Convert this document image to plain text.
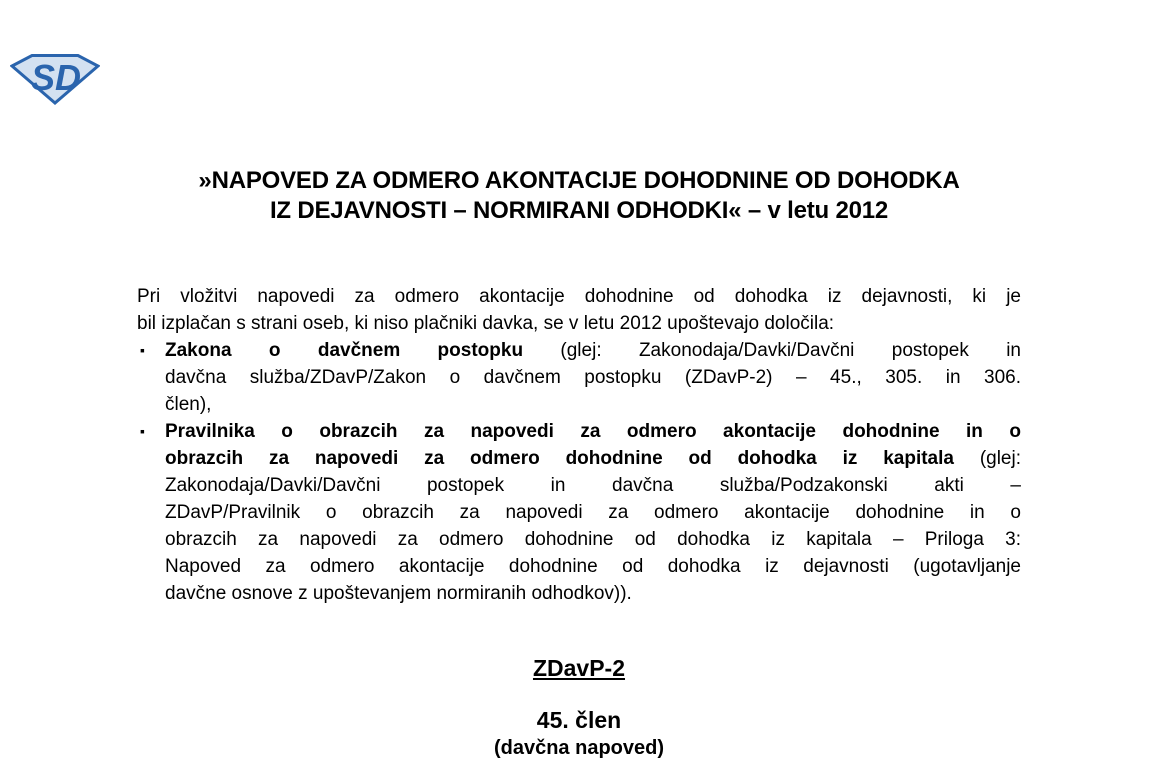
SD
»NAPOVED ZA ODMERO AKONTACIJE DOHODNINE OD DOHODKA
IZ DEJAVNOSTI – NORMIRANI ODHODKI« – v letu 2012
Pri vložitvi napovedi za odmero akontacije dohodnine od dohodka iz dejavnosti, ki je
bil izplačan s strani oseb, ki niso plačniki davka, se v letu 2012 upoštevajo določila:
▪ Zakona o davčnem postopku (glej: Zakonodaja/Davki/Davčni postopek in
davčna služba/ZDavP/Zakon o davčnem postopku (ZDavP-2) – 45., 305. in 306.
člen),
▪ Pravilnika o obrazcih za napovedi za odmero akontacije dohodnine in o
obrazcih za napovedi za odmero dohodnine od dohodka iz kapitala (glej:
Zakonodaja/Davki/Davčni postopek in davčna služba/Podzakonski akti –
ZDavP/Pravilnik o obrazcih za napovedi za odmero akontacije dohodnine in o
obrazcih za napovedi za odmero dohodnine od dohodka iz kapitala – Priloga 3:
Napoved za odmero akontacije dohodnine od dohodka iz dejavnosti (ugotavljanje
davčne osnove z upoštevanjem normiranih odhodkov)).
ZDavP-2
45. člen
(davčna napoved)
